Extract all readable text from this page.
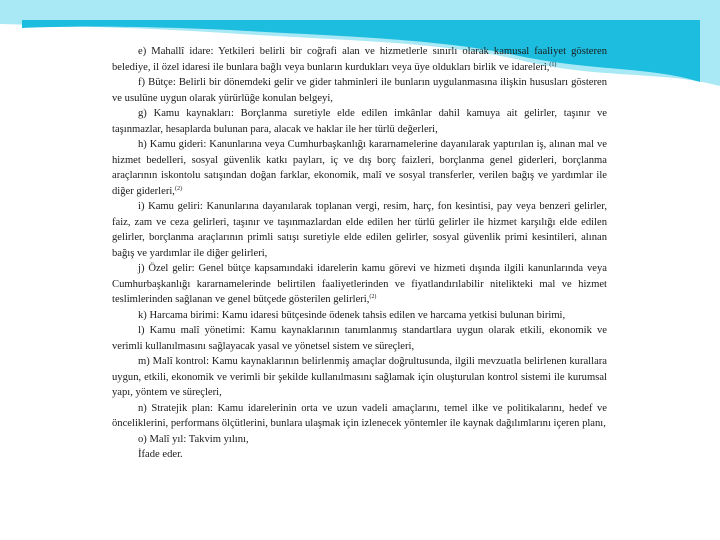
e) Mahallî idare: Yetkileri belirli bir coğrafi alan ve hizmetlerle sınırlı olarak kamusal faaliyet gösteren belediye, il özel idaresi ile bunlara bağlı veya bunların kurdukları veya üye oldukları birlik ve idareleri,$^{(1)}$

f) Bütçe: Belirli bir dönemdeki gelir ve gider tahminleri ile bunların uygulanmasına ilişkin hususları gösteren ve usulüne uygun olarak yürürlüğe konulan belgeyi,

g) Kamu kaynakları: Borçlanma suretiyle elde edilen imkânlar dahil kamuya ait gelirler, taşınır ve taşınmazlar, hesaplarda bulunan para, alacak ve haklar ile her türlü değerleri,

h) Kamu gideri: Kanunlarına veya Cumhurbaşkanlığı kararnamelerine dayanılarak yaptırılan iş, alınan mal ve hizmet bedelleri, sosyal güvenlik katkı payları, iç ve dış borç faizleri, borçlanma genel giderleri, borçlanma araçlarının iskontolu satışından doğan farklar, ekonomik, malî ve sosyal transferler, verilen bağış ve yardımlar ile diğer giderleri,$^{(2)}$

i) Kamu geliri: Kanunlarına dayanılarak toplanan vergi, resim, harç, fon kesintisi, pay veya benzeri gelirler, faiz, zam ve ceza gelirleri, taşınır ve taşınmazlardan elde edilen her türlü gelirler ile hizmet karşılığı elde edilen gelirler, borçlanma araçlarının primli satışı suretiyle elde edilen gelirler, sosyal güvenlik primi kesintileri, alınan bağış ve yardımlar ile diğer gelirleri,

j) Özel gelir: Genel bütçe kapsamındaki idarelerin kamu görevi ve hizmeti dışında ilgili kanunlarında veya Cumhurbaşkanlığı kararnamelerinde belirtilen faaliyetlerinden ve fiyatlandırılabilir nitelikteki mal ve hizmet teslimlerinden sağlanan ve genel bütçede gösterilen gelirleri,$^{(2)}$

k) Harcama birimi: Kamu idaresi bütçesinde ödenek tahsis edilen ve harcama yetkisi bulunan birimi,

l) Kamu malî yönetimi: Kamu kaynaklarının tanımlanmış standartlara uygun olarak etkili, ekonomik ve verimli kullanılmasını sağlayacak yasal ve yönetsel sistem ve süreçleri,

m) Malî kontrol: Kamu kaynaklarının belirlenmiş amaçlar doğrultusunda, ilgili mevzuatla belirlenen kurallara uygun, etkili, ekonomik ve verimli bir şekilde kullanılmasını sağlamak için oluşturulan kontrol sistemi ile kurumsal yapı, yöntem ve süreçleri,

n) Stratejik plan: Kamu idarelerinin orta ve uzun vadeli amaçlarını, temel ilke ve politikalarını, hedef ve önceliklerini, performans ölçütlerini, bunlara ulaşmak için izlenecek yöntemler ile kaynak dağılımlarını içeren planı,

o) Malî yıl: Takvim yılını,

İfade eder.
